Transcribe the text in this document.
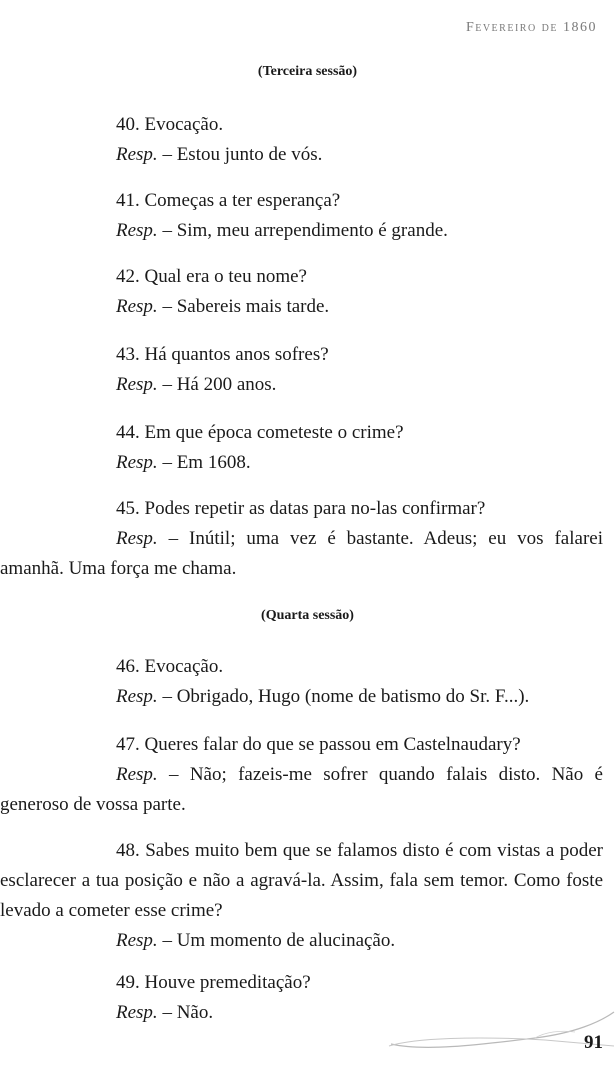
Fevereiro de 1860
(Terceira sessão)

40. Evocação.

Resp. – Estou junto de vós.

41. Começas a ter esperança?

Resp. – Sim, meu arrependimento é grande.

42. Qual era o teu nome?

Resp. – Sabereis mais tarde.

43. Há quantos anos sofres?

Resp. – Há 200 anos.

44. Em que época cometeste o crime?

Resp. – Em 1608.

45. Podes repetir as datas para no-las confirmar?

Resp. – Inútil; uma vez é bastante. Adeus; eu vos falarei amanhã. Uma força me chama.

(Quarta sessão)

46. Evocação.

Resp. – Obrigado, Hugo (nome de batismo do Sr. F...).

47. Queres falar do que se passou em Castelnaudary?

Resp. – Não; fazeis-me sofrer quando falais disto. Não é generoso de vossa parte.

48. Sabes muito bem que se falamos disto é com vistas a poder esclarecer a tua posição e não a agravá-la. Assim, fala sem temor. Como foste levado a cometer esse crime?

Resp. – Um momento de alucinação.

49. Houve premeditação?

Resp. – Não.

91
